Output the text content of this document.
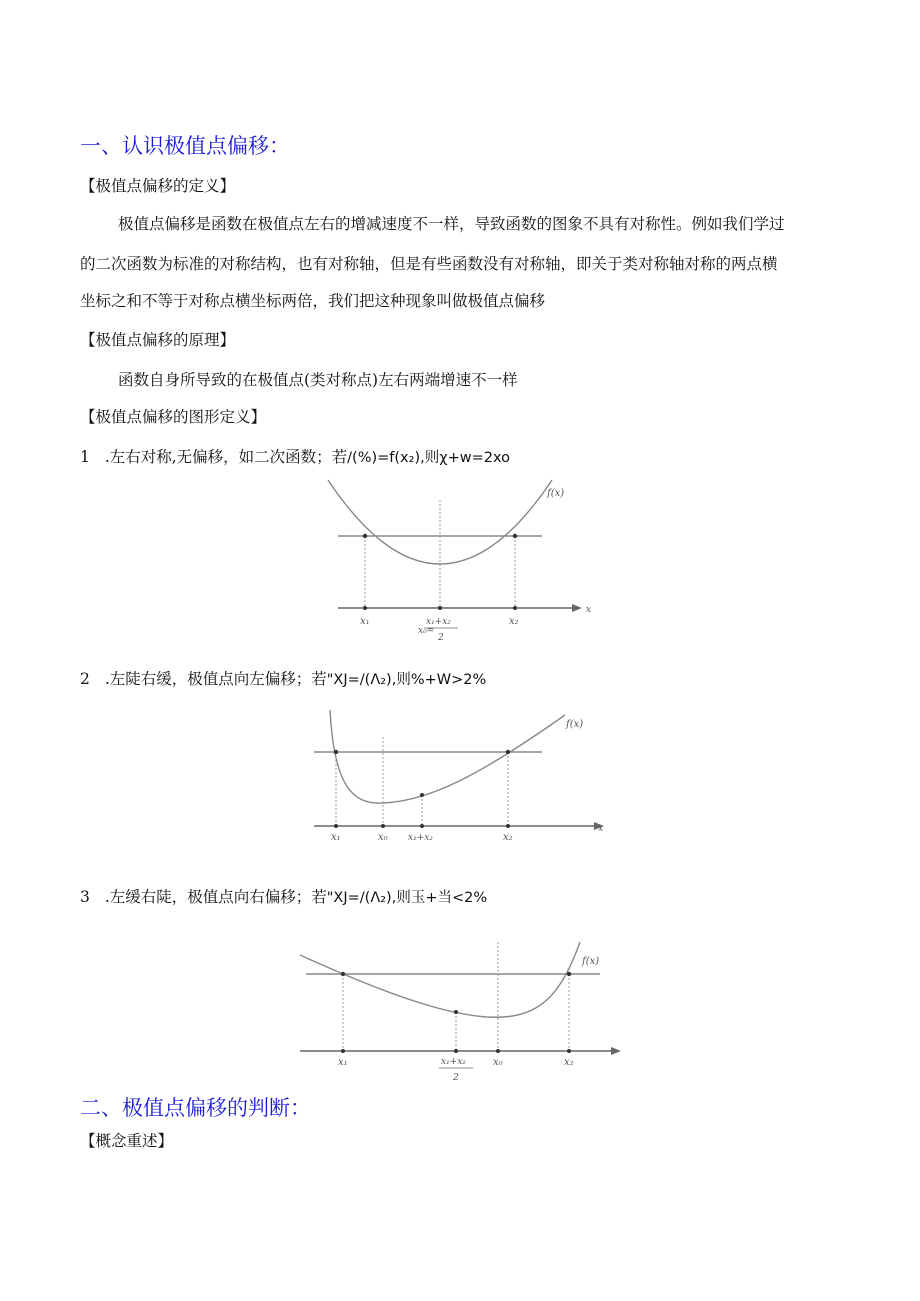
一、认识极值点偏移：
【极值点偏移的定义】
极值点偏移是函数在极值点左右的增减速度不一样，导致函数的图象不具有对称性。例如我们学过
的二次函数为标准的对称结构，也有对称轴，但是有些函数没有对称轴，即关于类对称轴对称的两点横
坐标之和不等于对称点横坐标两倍，我们把这种现象叫做极值点偏移
【极值点偏移的原理】
函数自身所导致的在极值点(类对称点)左右两端增速不一样
【极值点偏移的图形定义】
1 .左右对称,无偏移，如二次函数；若/(%)=f(x₂),则χ+w=2xo
f(x)
x
x₁	x₂
x₁+x₂
2
x₀=
2 .左陡右缓，极值点向左偏移；若"XJ=/(Λ₂),则%+W>2%
f(x)
x
x₁	x₀ x₁+x₂	x₂
3 .左缓右陡，极值点向右偏移；若"XJ=/(Λ₂),则玉+当<2%
f(x)
x₁	x₁+x₂
2
x₀	x₂
二、极值点偏移的判断：
【概念重述】
